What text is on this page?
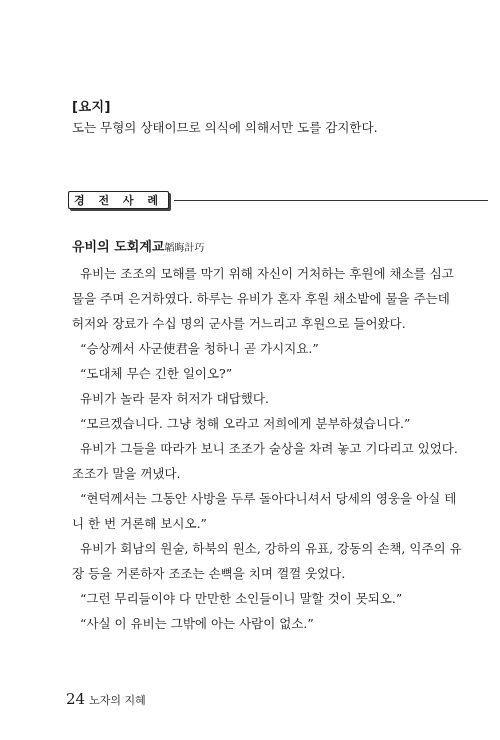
[요지]
도는 무형의 상태이므로 의식에 의해서만 도를 감지한다.
경 전 사 례
유비의 도회계교韜晦計巧
유비는 조조의 모해를 막기 위해 자신이 거처하는 후원에 채소를 심고
물을 주며 은거하였다. 하루는 유비가 혼자 후원 채소밭에 물을 주는데
허저와 장료가 수십 명의 군사를 거느리고 후원으로 들어왔다.
“승상께서 사군使君을 청하니 곧 가시지요.”
“도대체 무슨 긴한 일이오?”
유비가 놀라 묻자 허저가 대답했다.
“모르겠습니다. 그냥 청해 오라고 저희에게 분부하셨습니다.”
유비가 그들을 따라가 보니 조조가 술상을 차려 놓고 기다리고 있었다.
조조가 말을 꺼냈다.
“현덕께서는 그동안 사방을 두루 돌아다니셔서 당세의 영웅을 아실 테
니 한 번 거론해 보시오.”
유비가 회남의 원술, 하북의 원소, 강하의 유표, 강동의 손책, 익주의 유
장 등을 거론하자 조조는 손뼉을 치며 껄껄 웃었다.
“그런 무리들이야 다 만만한 소인들이니 말할 것이 못되오.”
“사실 이 유비는 그밖에 아는 사람이 없소.”
24 노자의 지혜
